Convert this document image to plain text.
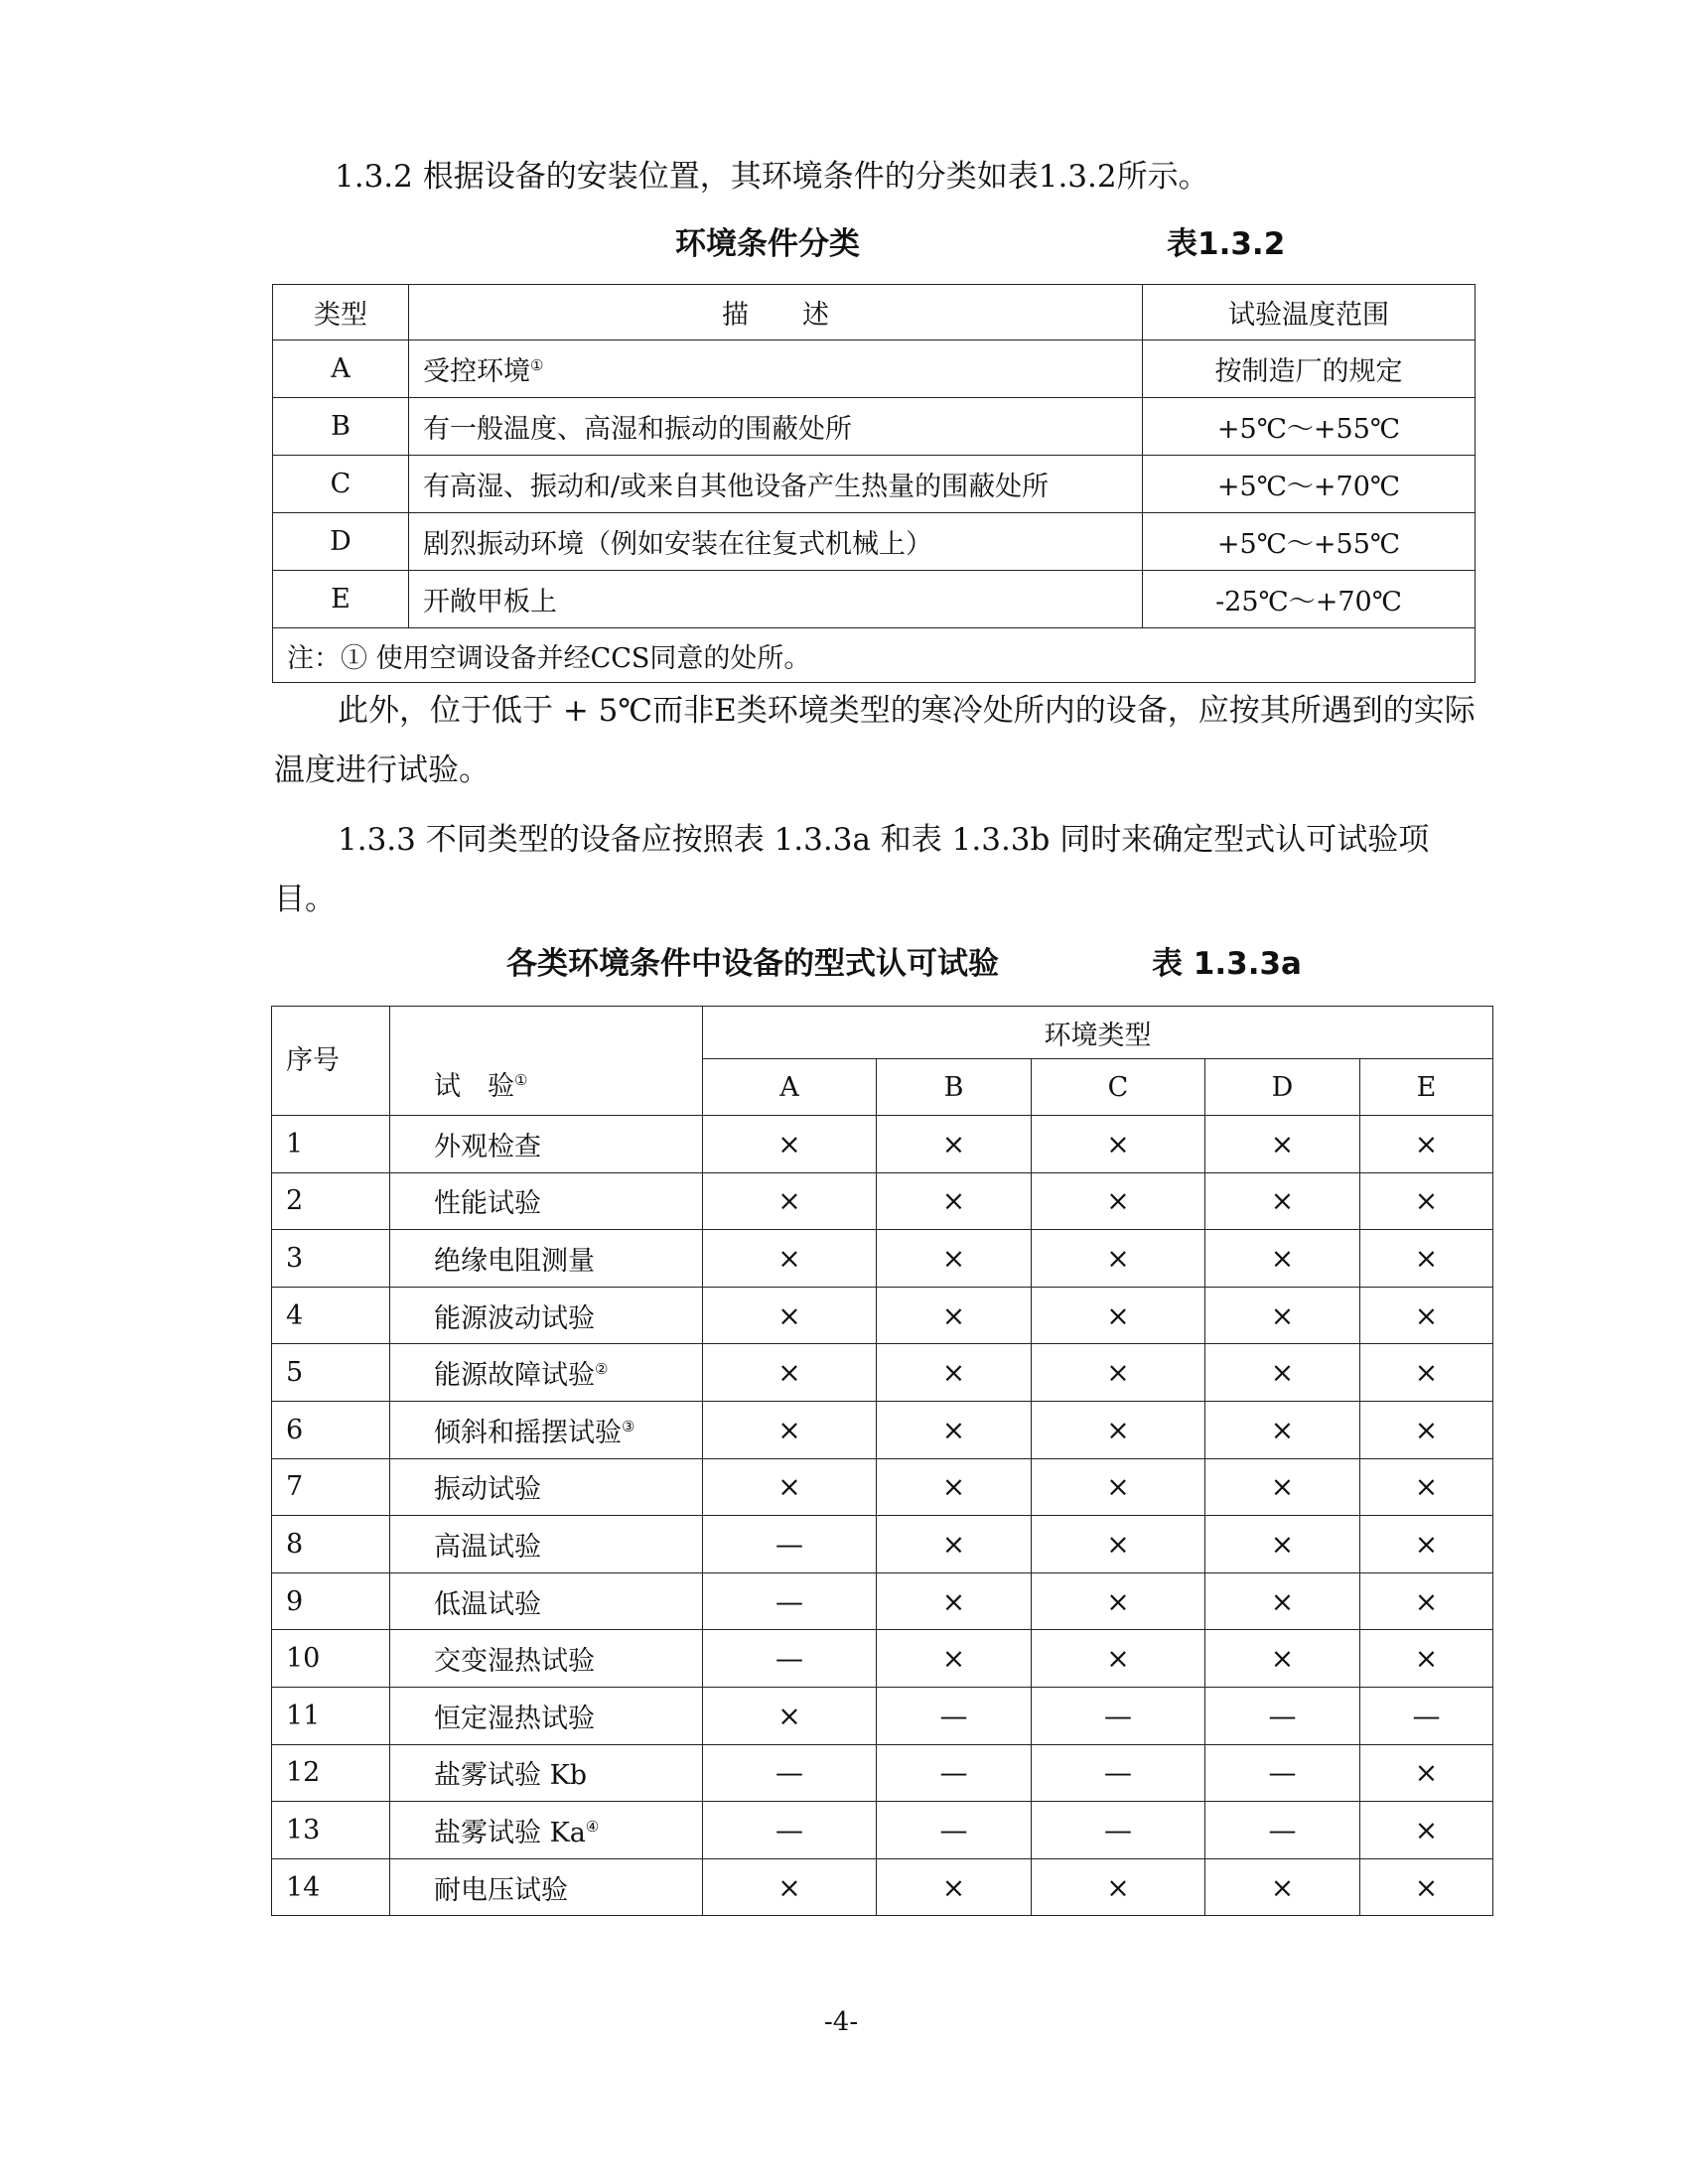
1.3.2 根据设备的安装位置，其环境条件的分类如表1.3.2所示。

环境条件分类	表1.3.2
类型	描　　述	试验温度范围
A	受控环境①	按制造厂的规定
B	有一般温度、高湿和振动的围蔽处所	+5℃～+55℃
C	有高湿、振动和/或来自其他设备产生热量的围蔽处所	+5℃～+70℃
D	剧烈振动环境（例如安装在往复式机械上）	+5℃～+55℃
E	开敞甲板上	-25℃～+70℃
注：① 使用空调设备并经CCS同意的处所。		

此外，位于低于 + 5℃而非E类环境类型的寒冷处所内的设备，应按其所遇到的实际温度进行试验。

1.3.3 不同类型的设备应按照表 1.3.3a 和表 1.3.3b 同时来确定型式认可试验项目。

各类环境条件中设备的型式认可试验	表 1.3.3a
序号	试　验①	环境类型				
		A	B	C	D	E
1	外观检查	×	×	×	×	×
2	性能试验	×	×	×	×	×
3	绝缘电阻测量	×	×	×	×	×
4	能源波动试验	×	×	×	×	×
5	能源故障试验②	×	×	×	×	×
6	倾斜和摇摆试验③	×	×	×	×	×
7	振动试验	×	×	×	×	×
8	高温试验	—	×	×	×	×
9	低温试验	—	×	×	×	×
10	交变湿热试验	—	×	×	×	×
11	恒定湿热试验	×	—	—	—	—
12	盐雾试验 Kb	—	—	—	—	×
13	盐雾试验 Ka④	—	—	—	—	×
14	耐电压试验	×	×	×	×	×
-4-
